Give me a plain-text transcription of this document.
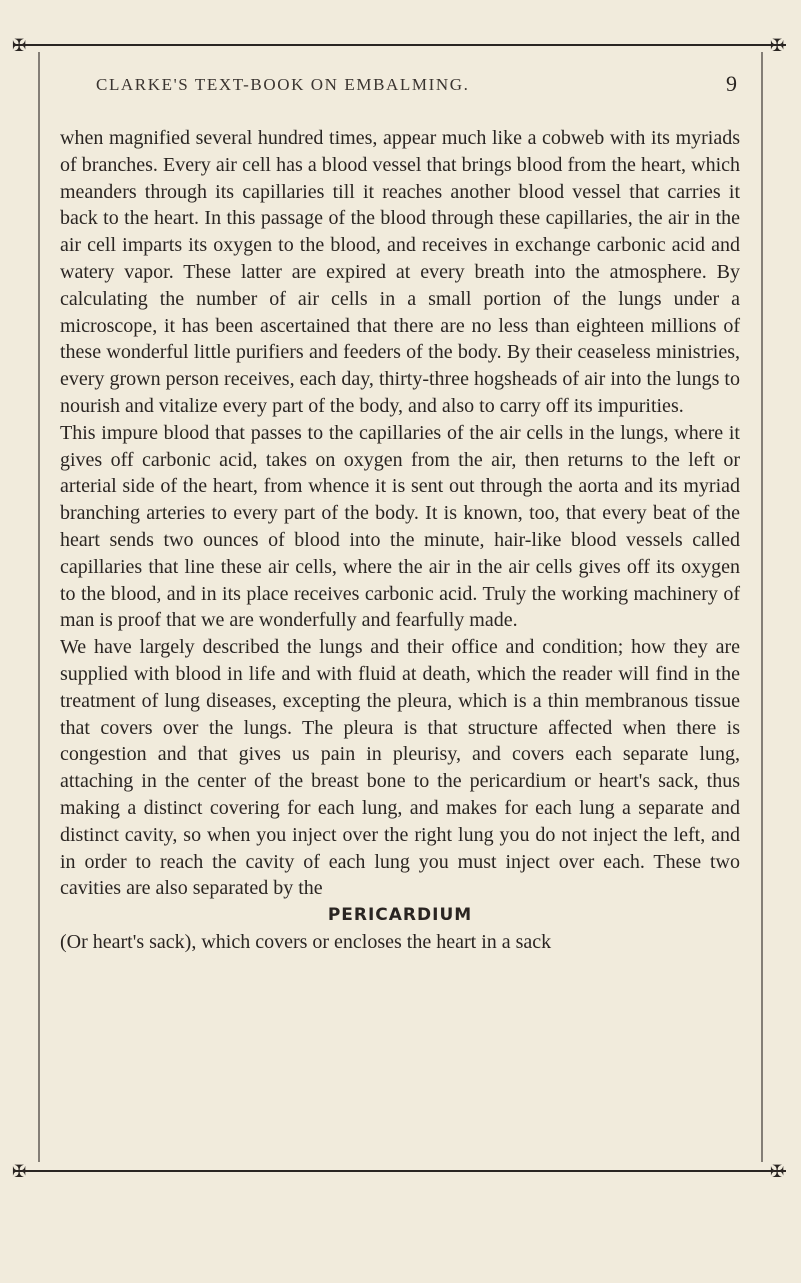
✠	✠
✠	✠
CLARKE'S TEXT-BOOK ON EMBALMING.	9

when magnified several hundred times, appear much like a cobweb with its myriads of branches. Every air cell has a blood vessel that brings blood from the heart, which meanders through its capillaries till it reaches another blood vessel that carries it back to the heart. In this passage of the blood through these capillaries, the air in the air cell imparts its oxygen to the blood, and receives in exchange carbonic acid and watery vapor. These latter are expired at every breath into the atmosphere. By calculating the number of air cells in a small portion of the lungs under a microscope, it has been ascertained that there are no less than eighteen millions of these wonderful little purifiers and feeders of the body. By their ceaseless ministries, every grown person receives, each day, thirty-three hogsheads of air into the lungs to nourish and vitalize every part of the body, and also to carry off its impurities.

This impure blood that passes to the capillaries of the air cells in the lungs, where it gives off carbonic acid, takes on oxygen from the air, then returns to the left or arterial side of the heart, from whence it is sent out through the aorta and its myriad branching arteries to every part of the body. It is known, too, that every beat of the heart sends two ounces of blood into the minute, hair-like blood vessels called capillaries that line these air cells, where the air in the air cells gives off its oxygen to the blood, and in its place receives carbonic acid. Truly the working machinery of man is proof that we are wonderfully and fearfully made.

We have largely described the lungs and their office and condition; how they are supplied with blood in life and with fluid at death, which the reader will find in the treatment of lung diseases, excepting the pleura, which is a thin membranous tissue that covers over the lungs. The pleura is that structure affected when there is congestion and that gives us pain in pleurisy, and covers each separate lung, attaching in the center of the breast bone to the pericardium or heart's sack, thus making a distinct covering for each lung, and makes for each lung a separate and distinct cavity, so when you inject over the right lung you do not inject the left, and in order to reach the cavity of each lung you must inject over each. These two cavities are also separated by the

PERICARDIUM

(Or heart's sack), which covers or encloses the heart in a sack
